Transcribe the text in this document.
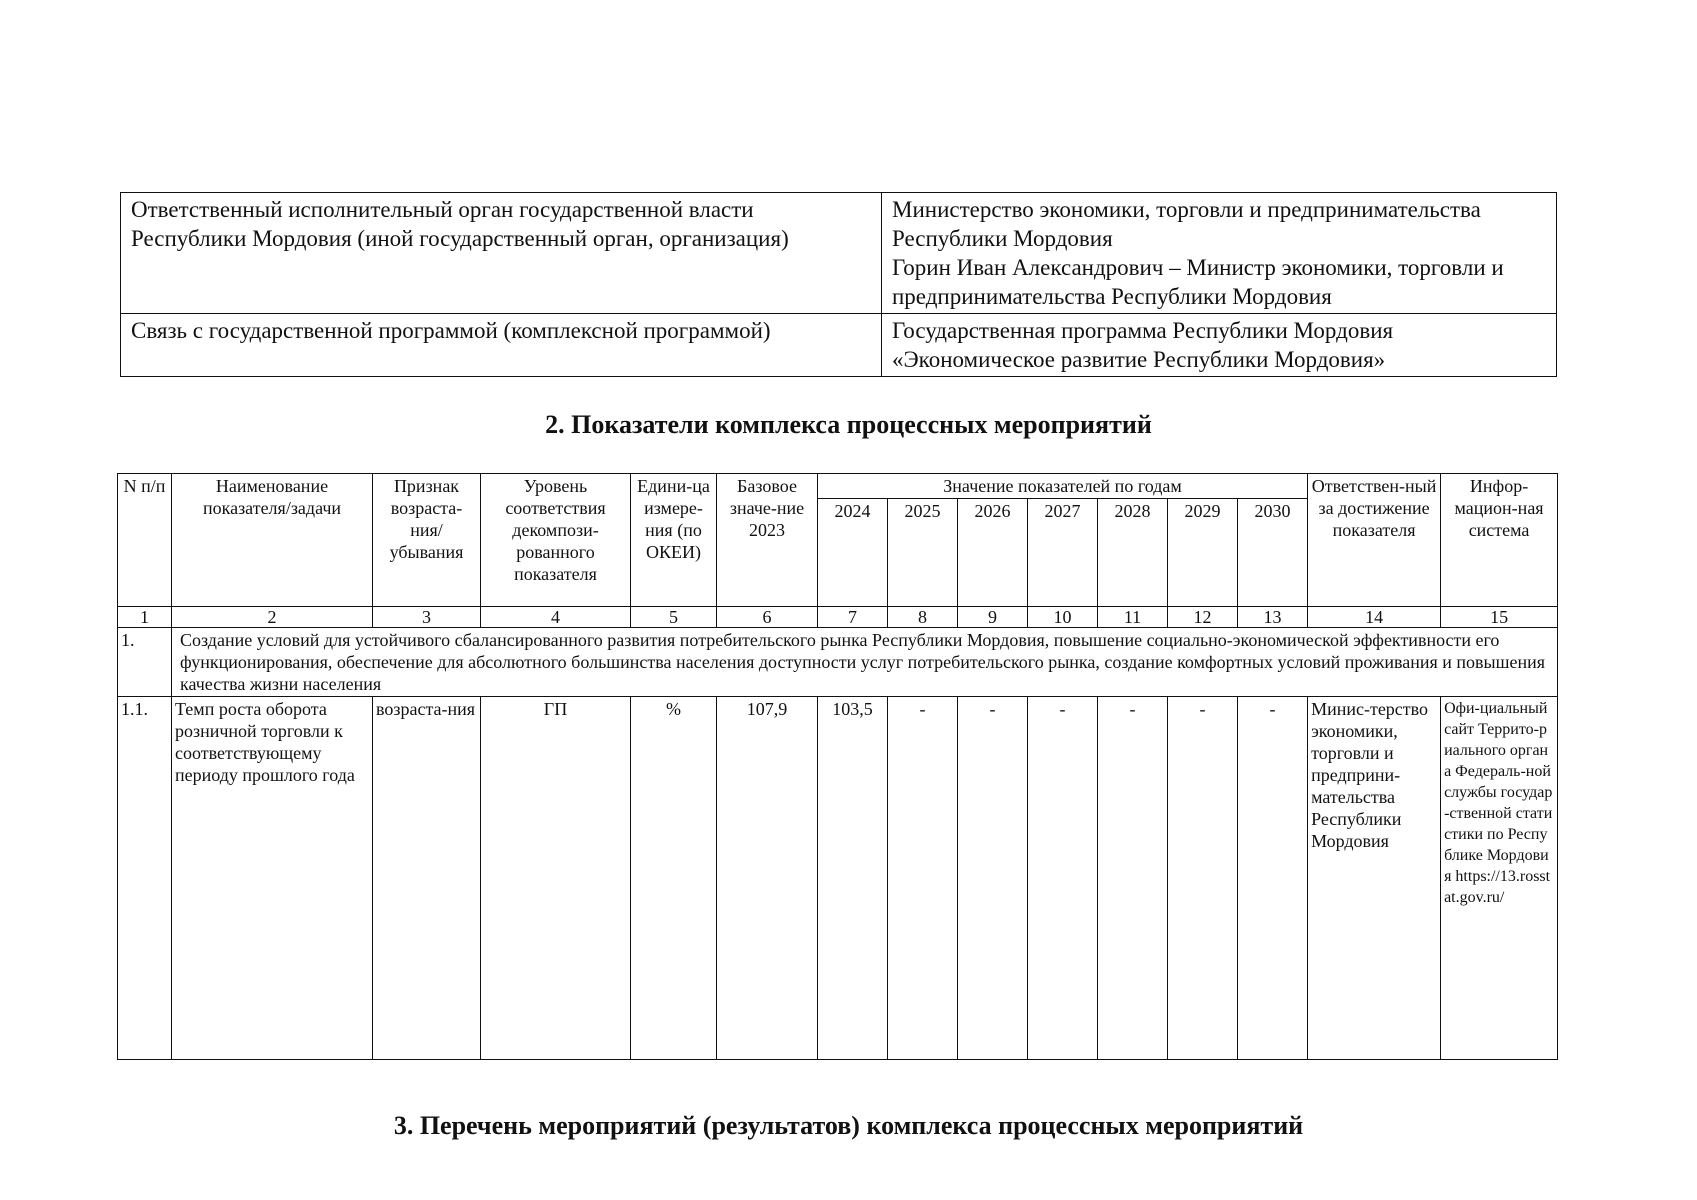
Ответственный исполнительный орган государственной власти Республики Мордовия (иной государственный орган, организация)	Министерство экономики, торговли и предпринимательства Республики Мордовия
Горин Иван Александрович – Министр экономики, торговли и предпринимательства Республики Мордовия

Связь с государственной программой (комплексной программой)	Государственная программа Республики Мордовия «Экономическое развитие Республики Мордовия»
2. Показатели комплекса процессных мероприятий
N п/п	Наименование показателя/задачи	Признак возраста-ния/ убывания	Уровень соответствия декомпози-рованного показателя	Едини-ца измере-ния (по ОКЕИ)	Базовое значе-ние 2023	Значение показателей по годам							Ответствен-ный за достижение показателя	Инфор-мацион-ная система
						2024	2025	2026	2027	2028	2029	2030		
1	2	3	4	5	6	7	8	9	10	11	12	13	14	15
1.	Создание условий для устойчивого сбалансированного развития потребительского рынка Республики Мордовия, повышение социально-экономической эффективности его функционирования, обеспечение для абсолютного большинства населения доступности услуг потребительского рынка, создание комфортных условий проживания и повышения качества жизни населения													
1.1.	Темп роста оборота розничной торговли к соответствующему периоду прошлого года	возраста-ния	ГП	%	107,9	103,5	-	-	-	-	-	-	Минис-терство экономики, торговли и предприни-мательства Республики Мордовия	Офи-циальный сайт Террито-риального органа Федераль-ной службы государ-ственной статистики по Республике Мордовия https://13.rosstat.gov.ru/
3. Перечень мероприятий (результатов) комплекса процессных мероприятий
